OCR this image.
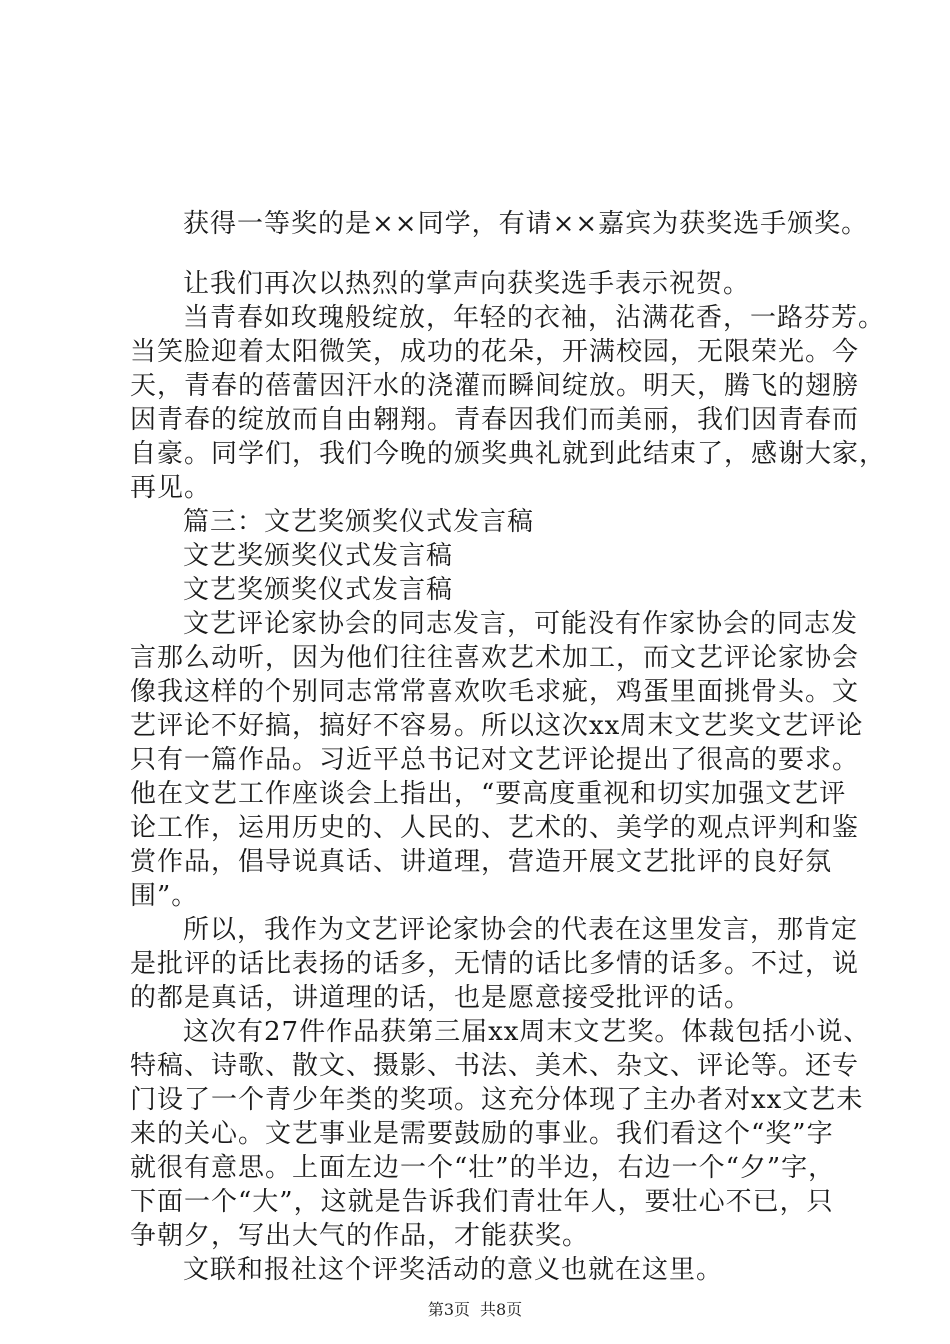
获得一等奖的是××同学，有请××嘉宾为获奖选手颁奖。
让我们再次以热烈的掌声向获奖选手表示祝贺。
当青春如玫瑰般绽放，年轻的衣袖，沾满花香，一路芬芳。
当笑脸迎着太阳微笑，成功的花朵，开满校园，无限荣光。今
天，青春的蓓蕾因汗水的浇灌而瞬间绽放。明天，腾飞的翅膀
因青春的绽放而自由翱翔。青春因我们而美丽，我们因青春而
自豪。同学们，我们今晚的颁奖典礼就到此结束了，感谢大家，
再见。
篇三：文艺奖颁奖仪式发言稿
文艺奖颁奖仪式发言稿
文艺奖颁奖仪式发言稿
文艺评论家协会的同志发言，可能没有作家协会的同志发
言那么动听，因为他们往往喜欢艺术加工，而文艺评论家协会
像我这样的个别同志常常喜欢吹毛求疵，鸡蛋里面挑骨头。文
艺评论不好搞，搞好不容易。所以这次xx周末文艺奖文艺评论
只有一篇作品。习近平总书记对文艺评论提出了很高的要求。
他在文艺工作座谈会上指出，“要高度重视和切实加强文艺评
论工作，运用历史的、人民的、艺术的、美学的观点评判和鉴
赏作品，倡导说真话、讲道理，营造开展文艺批评的良好氛
围”。
所以，我作为文艺评论家协会的代表在这里发言，那肯定
是批评的话比表扬的话多，无情的话比多情的话多。不过，说
的都是真话，讲道理的话，也是愿意接受批评的话。
这次有27件作品获第三届xx周末文艺奖。体裁包括小说、
特稿、诗歌、散文、摄影、书法、美术、杂文、评论等。还专
门设了一个青少年类的奖项。这充分体现了主办者对xx文艺未
来的关心。文艺事业是需要鼓励的事业。我们看这个“奖”字
就很有意思。上面左边一个“壮”的半边，右边一个“夕”字，
下面一个“大”，这就是告诉我们青壮年人，要壮心不已，只
争朝夕，写出大气的作品，才能获奖。
文联和报社这个评奖活动的意义也就在这里。
第3页 共8页
